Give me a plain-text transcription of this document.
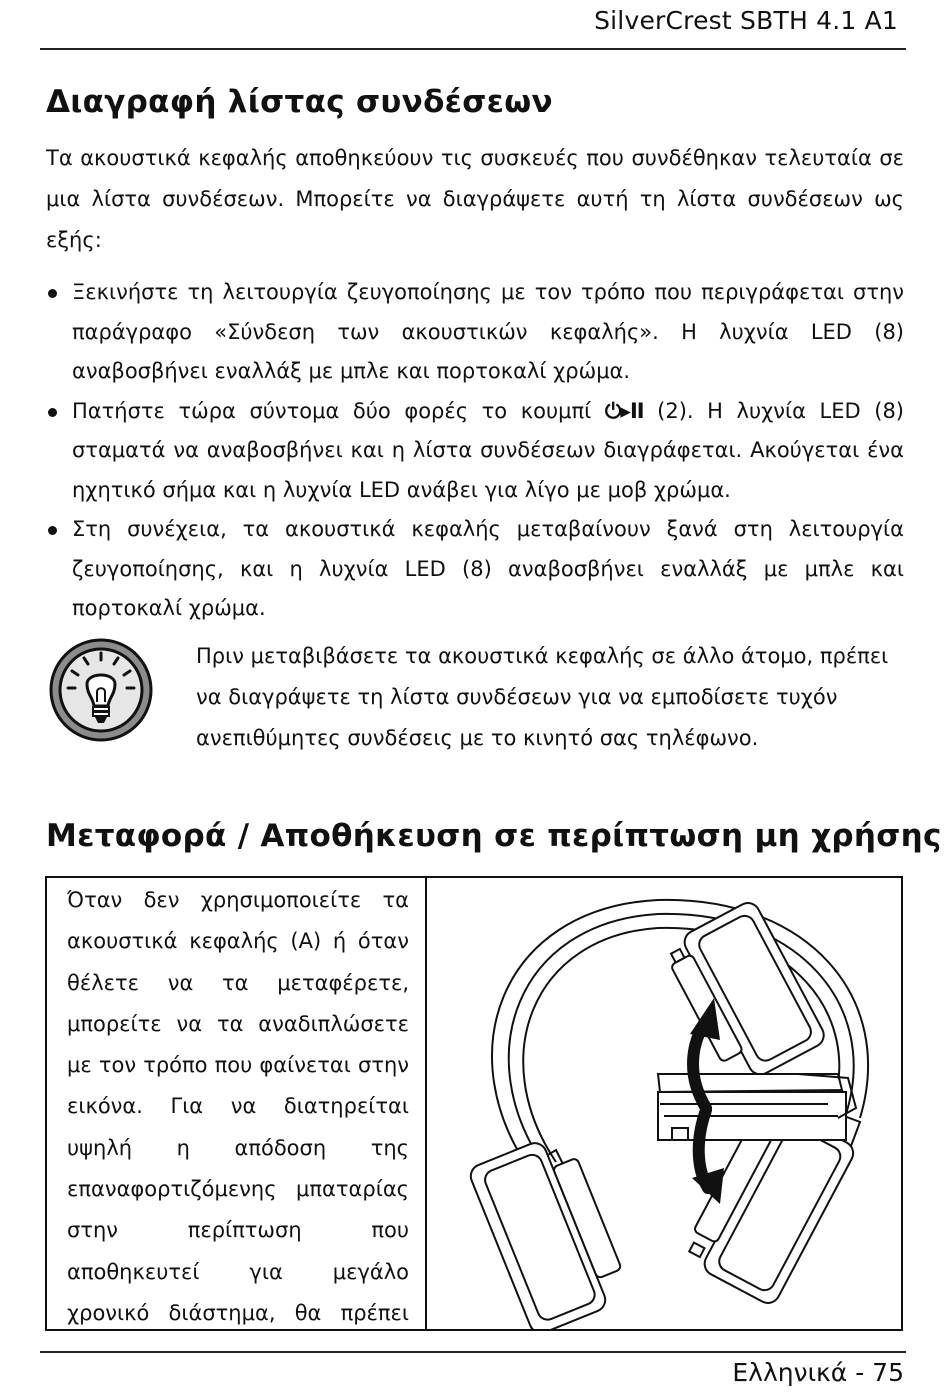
SilverCrest SBTH 4.1 A1
Διαγραφή λίστας συνδέσεων

Τα ακουστικά κεφαλής αποθηκεύουν τις συσκευές που συνδέθηκαν τελευταία σε μια λίστα συνδέσεων. Μπορείτε να διαγράψετε αυτή τη λίστα συνδέσεων ως εξής:

Ξεκινήστε τη λειτουργία ζευγοποίησης με τον τρόπο που περιγράφεται στην παράγραφο «Σύνδεση των ακουστικών κεφαλής». Η λυχνία LED (8) αναβοσβήνει εναλλάξ με μπλε και πορτοκαλί χρώμα.
Πατήστε τώρα σύντομα δύο φορές το κουμπί ⏻▸II (2). Η λυχνία LED (8) σταματά να αναβοσβήνει και η λίστα συνδέσεων διαγράφεται. Ακούγεται ένα ηχητικό σήμα και η λυχνία LED ανάβει για λίγο με μοβ χρώμα.
Στη συνέχεια, τα ακουστικά κεφαλής μεταβαίνουν ξανά στη λειτουργία ζευγοποίησης, και η λυχνία LED (8) αναβοσβήνει εναλλάξ με μπλε και πορτοκαλί χρώμα.

Πριν μεταβιβάσετε τα ακουστικά κεφαλής σε άλλο άτομο, πρέπει να διαγράψετε τη λίστα συνδέσεων για να εμποδίσετε τυχόν ανεπιθύμητες συνδέσεις με το κινητό σας τηλέφωνο.

Μεταφορά / Αποθήκευση σε περίπτωση μη χρήσης

Όταν δεν χρησιμοποιείτε τα ακουστικά κεφαλής (A) ή όταν θέλετε να τα μεταφέρετε, μπορείτε να τα αναδιπλώσετε με τον τρόπο που φαίνεται στην εικόνα. Για να διατηρείται υψηλή η απόδοση της επαναφορτιζόμενης μπαταρίας στην περίπτωση που αποθηκευτεί για μεγάλο χρονικό διάστημα, θα πρέπει

Ελληνικά - 75
